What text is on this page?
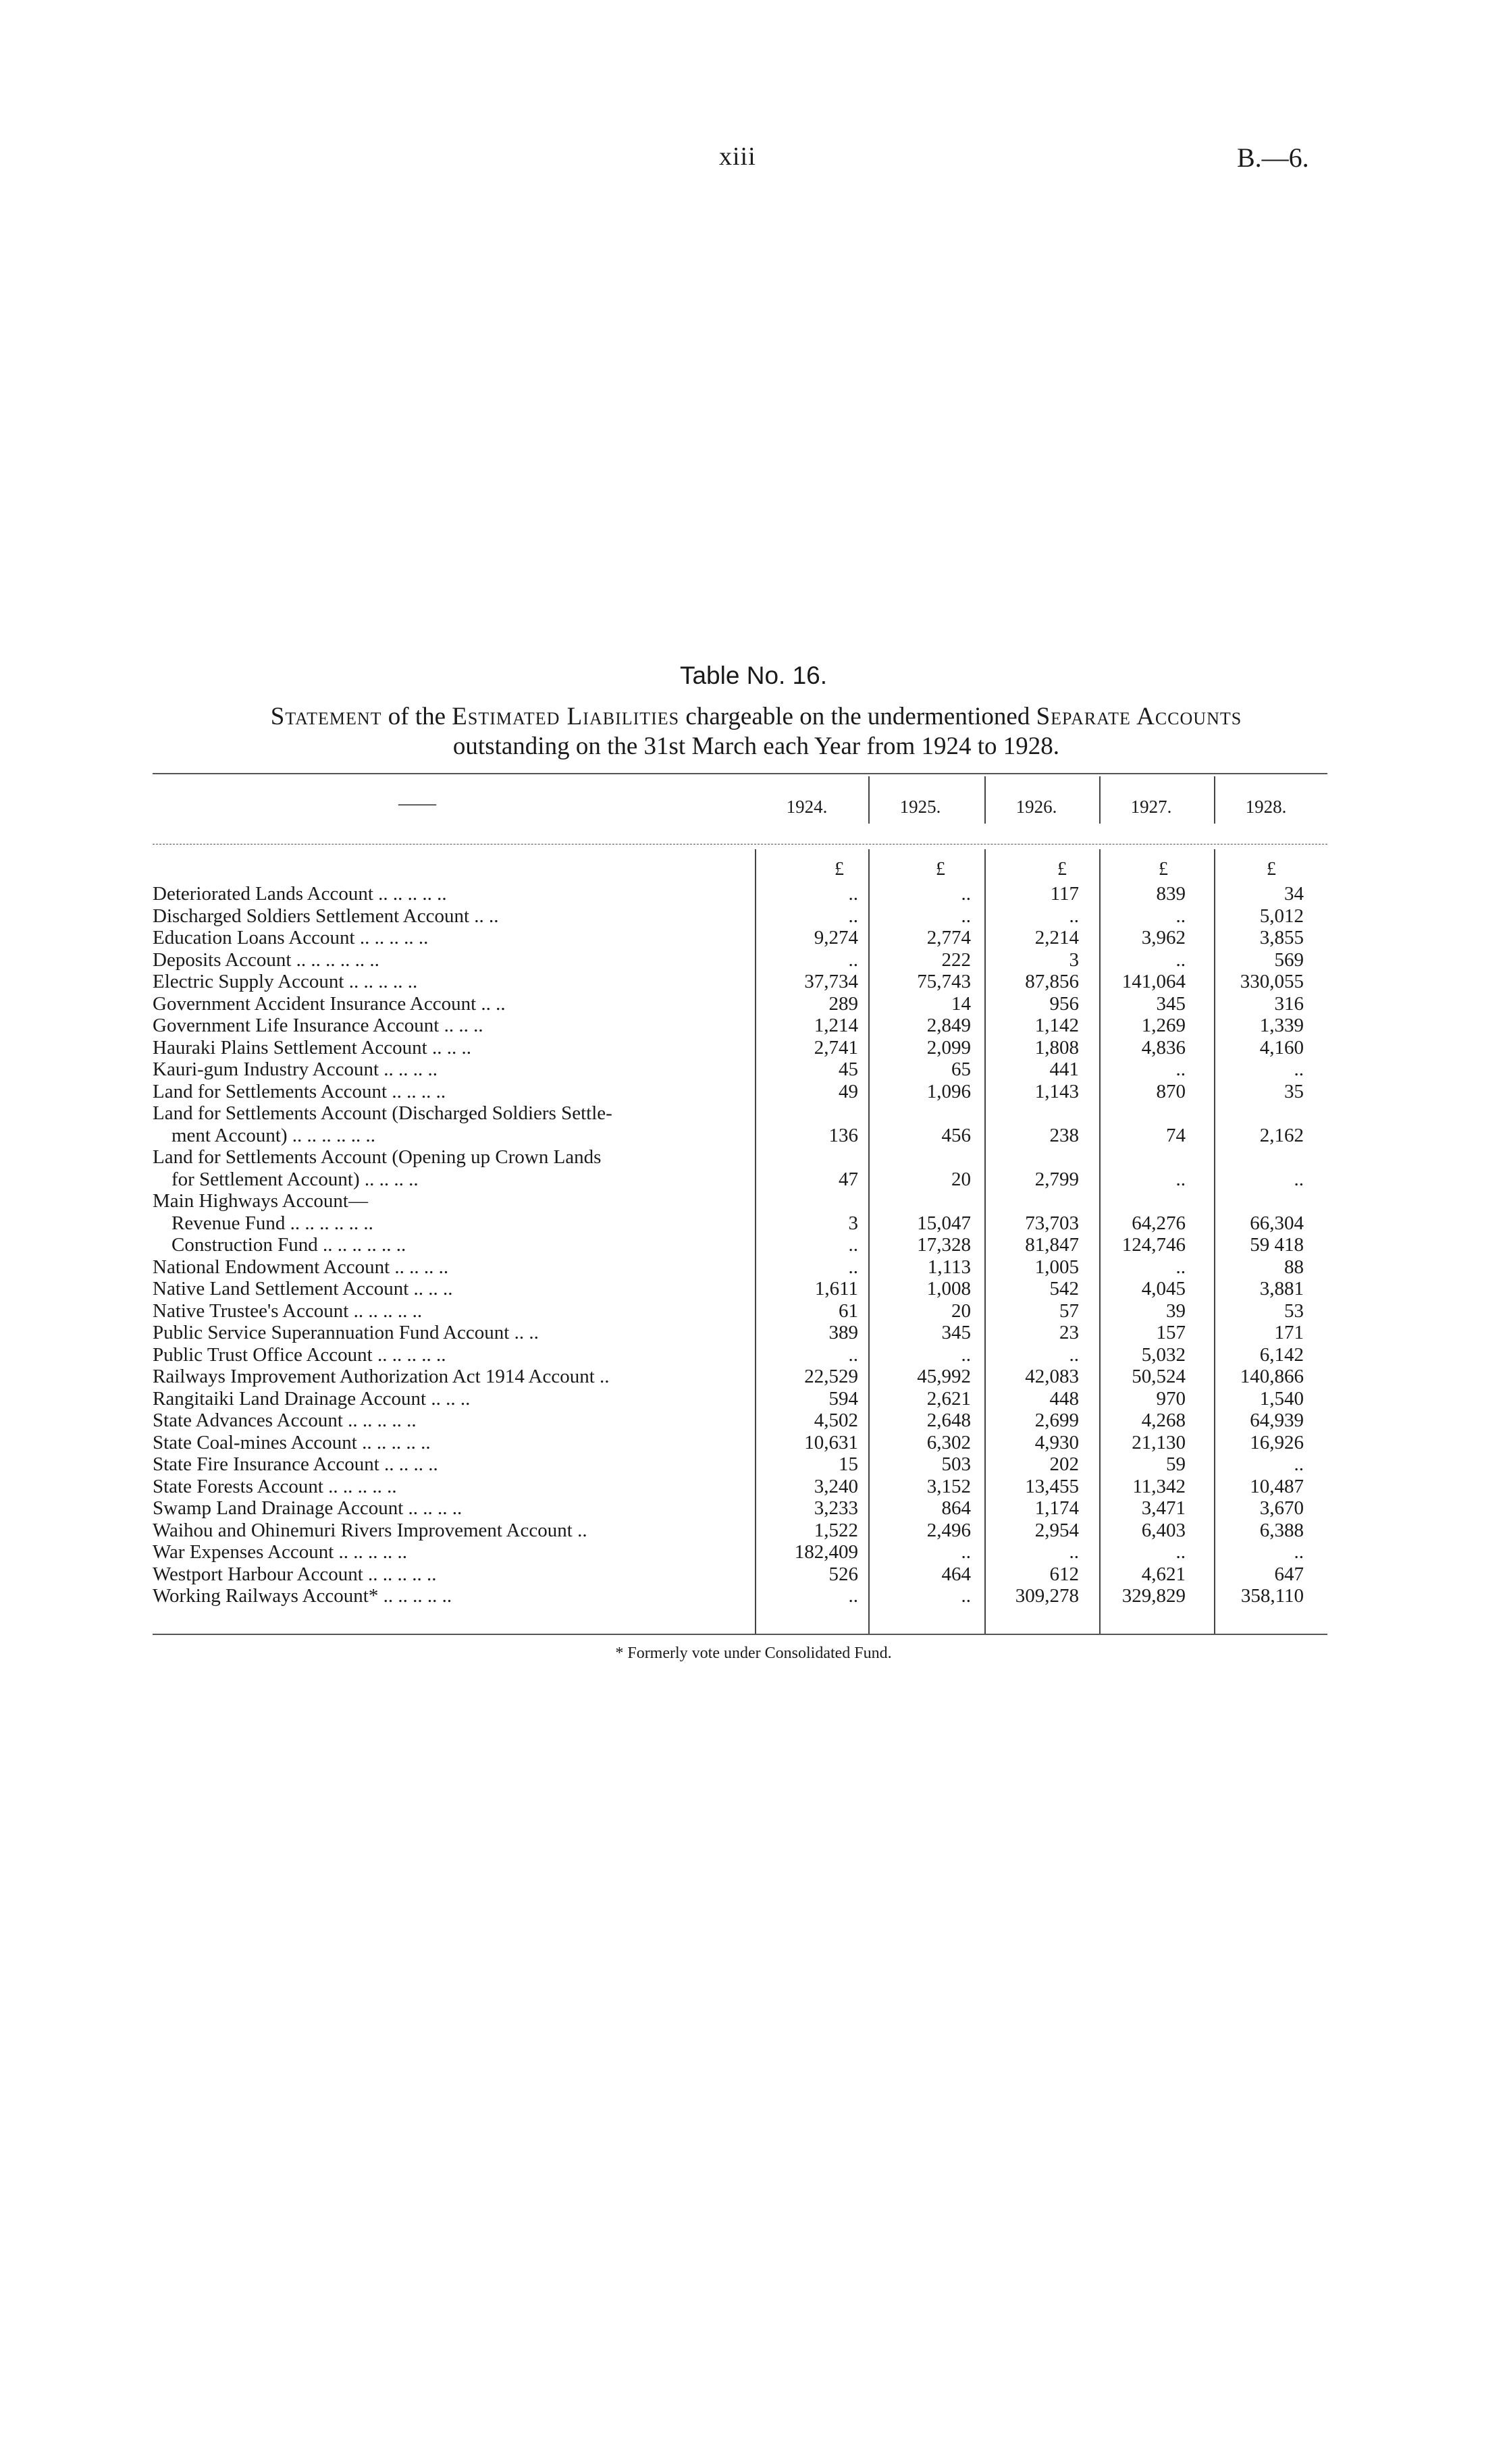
xiii	B.—6.
Table No. 16.
Statement of the Estimated Liabilities chargeable on the undermentioned Separate Accounts
outstanding on the 31st March each Year from 1924 to 1928.
——	1924.	1925.	1926.	1927.	1928.
£	£	£	£	£
Deteriorated Lands Account .. .. .. .. ..	..	..	117	839	34
Discharged Soldiers Settlement Account .. ..	..	..	..	..	5,012
Education Loans Account .. .. .. .. ..	9,274	2,774	2,214	3,962	3,855
Deposits Account .. .. .. .. .. ..	..	222	3	..	569
Electric Supply Account .. .. .. .. ..	37,734	75,743	87,856	141,064	330,055
Government Accident Insurance Account .. ..	289	14	956	345	316
Government Life Insurance Account .. .. ..	1,214	2,849	1,142	1,269	1,339
Hauraki Plains Settlement Account .. .. ..	2,741	2,099	1,808	4,836	4,160
Kauri-gum Industry Account .. .. .. ..	45	65	441	..	..
Land for Settlements Account .. .. .. ..	49	1,096	1,143	870	35
Land for Settlements Account (Discharged Soldiers Settle-
ment Account) .. .. .. .. .. ..	136	456	238	74	2,162
Land for Settlements Account (Opening up Crown Lands
for Settlement Account) .. .. .. ..	47	20	2,799	..	..
Main Highways Account—
Revenue Fund .. .. .. .. .. ..	3	15,047	73,703	64,276	66,304
Construction Fund .. .. .. .. .. ..	..	17,328	81,847	124,746	59 418
National Endowment Account .. .. .. ..	..	1,113	1,005	..	88
Native Land Settlement Account .. .. ..	1,611	1,008	542	4,045	3,881
Native Trustee's Account .. .. .. .. ..	61	20	57	39	53
Public Service Superannuation Fund Account .. ..	389	345	23	157	171
Public Trust Office Account .. .. .. .. ..	..	..	..	5,032	6,142
Railways Improvement Authorization Act 1914 Account ..	22,529	45,992	42,083	50,524	140,866
Rangitaiki Land Drainage Account .. .. ..	594	2,621	448	970	1,540
State Advances Account .. .. .. .. ..	4,502	2,648	2,699	4,268	64,939
State Coal-mines Account .. .. .. .. ..	10,631	6,302	4,930	21,130	16,926
State Fire Insurance Account .. .. .. ..	15	503	202	59	..
State Forests Account .. .. .. .. ..	3,240	3,152	13,455	11,342	10,487
Swamp Land Drainage Account .. .. .. ..	3,233	864	1,174	3,471	3,670
Waihou and Ohinemuri Rivers Improvement Account ..	1,522	2,496	2,954	6,403	6,388
War Expenses Account .. .. .. .. ..	182,409	..	..	..	..
Westport Harbour Account .. .. .. .. ..	526	464	612	4,621	647
Working Railways Account* .. .. .. .. ..	..	..	309,278	329,829	358,110
* Formerly vote under Consolidated Fund.
